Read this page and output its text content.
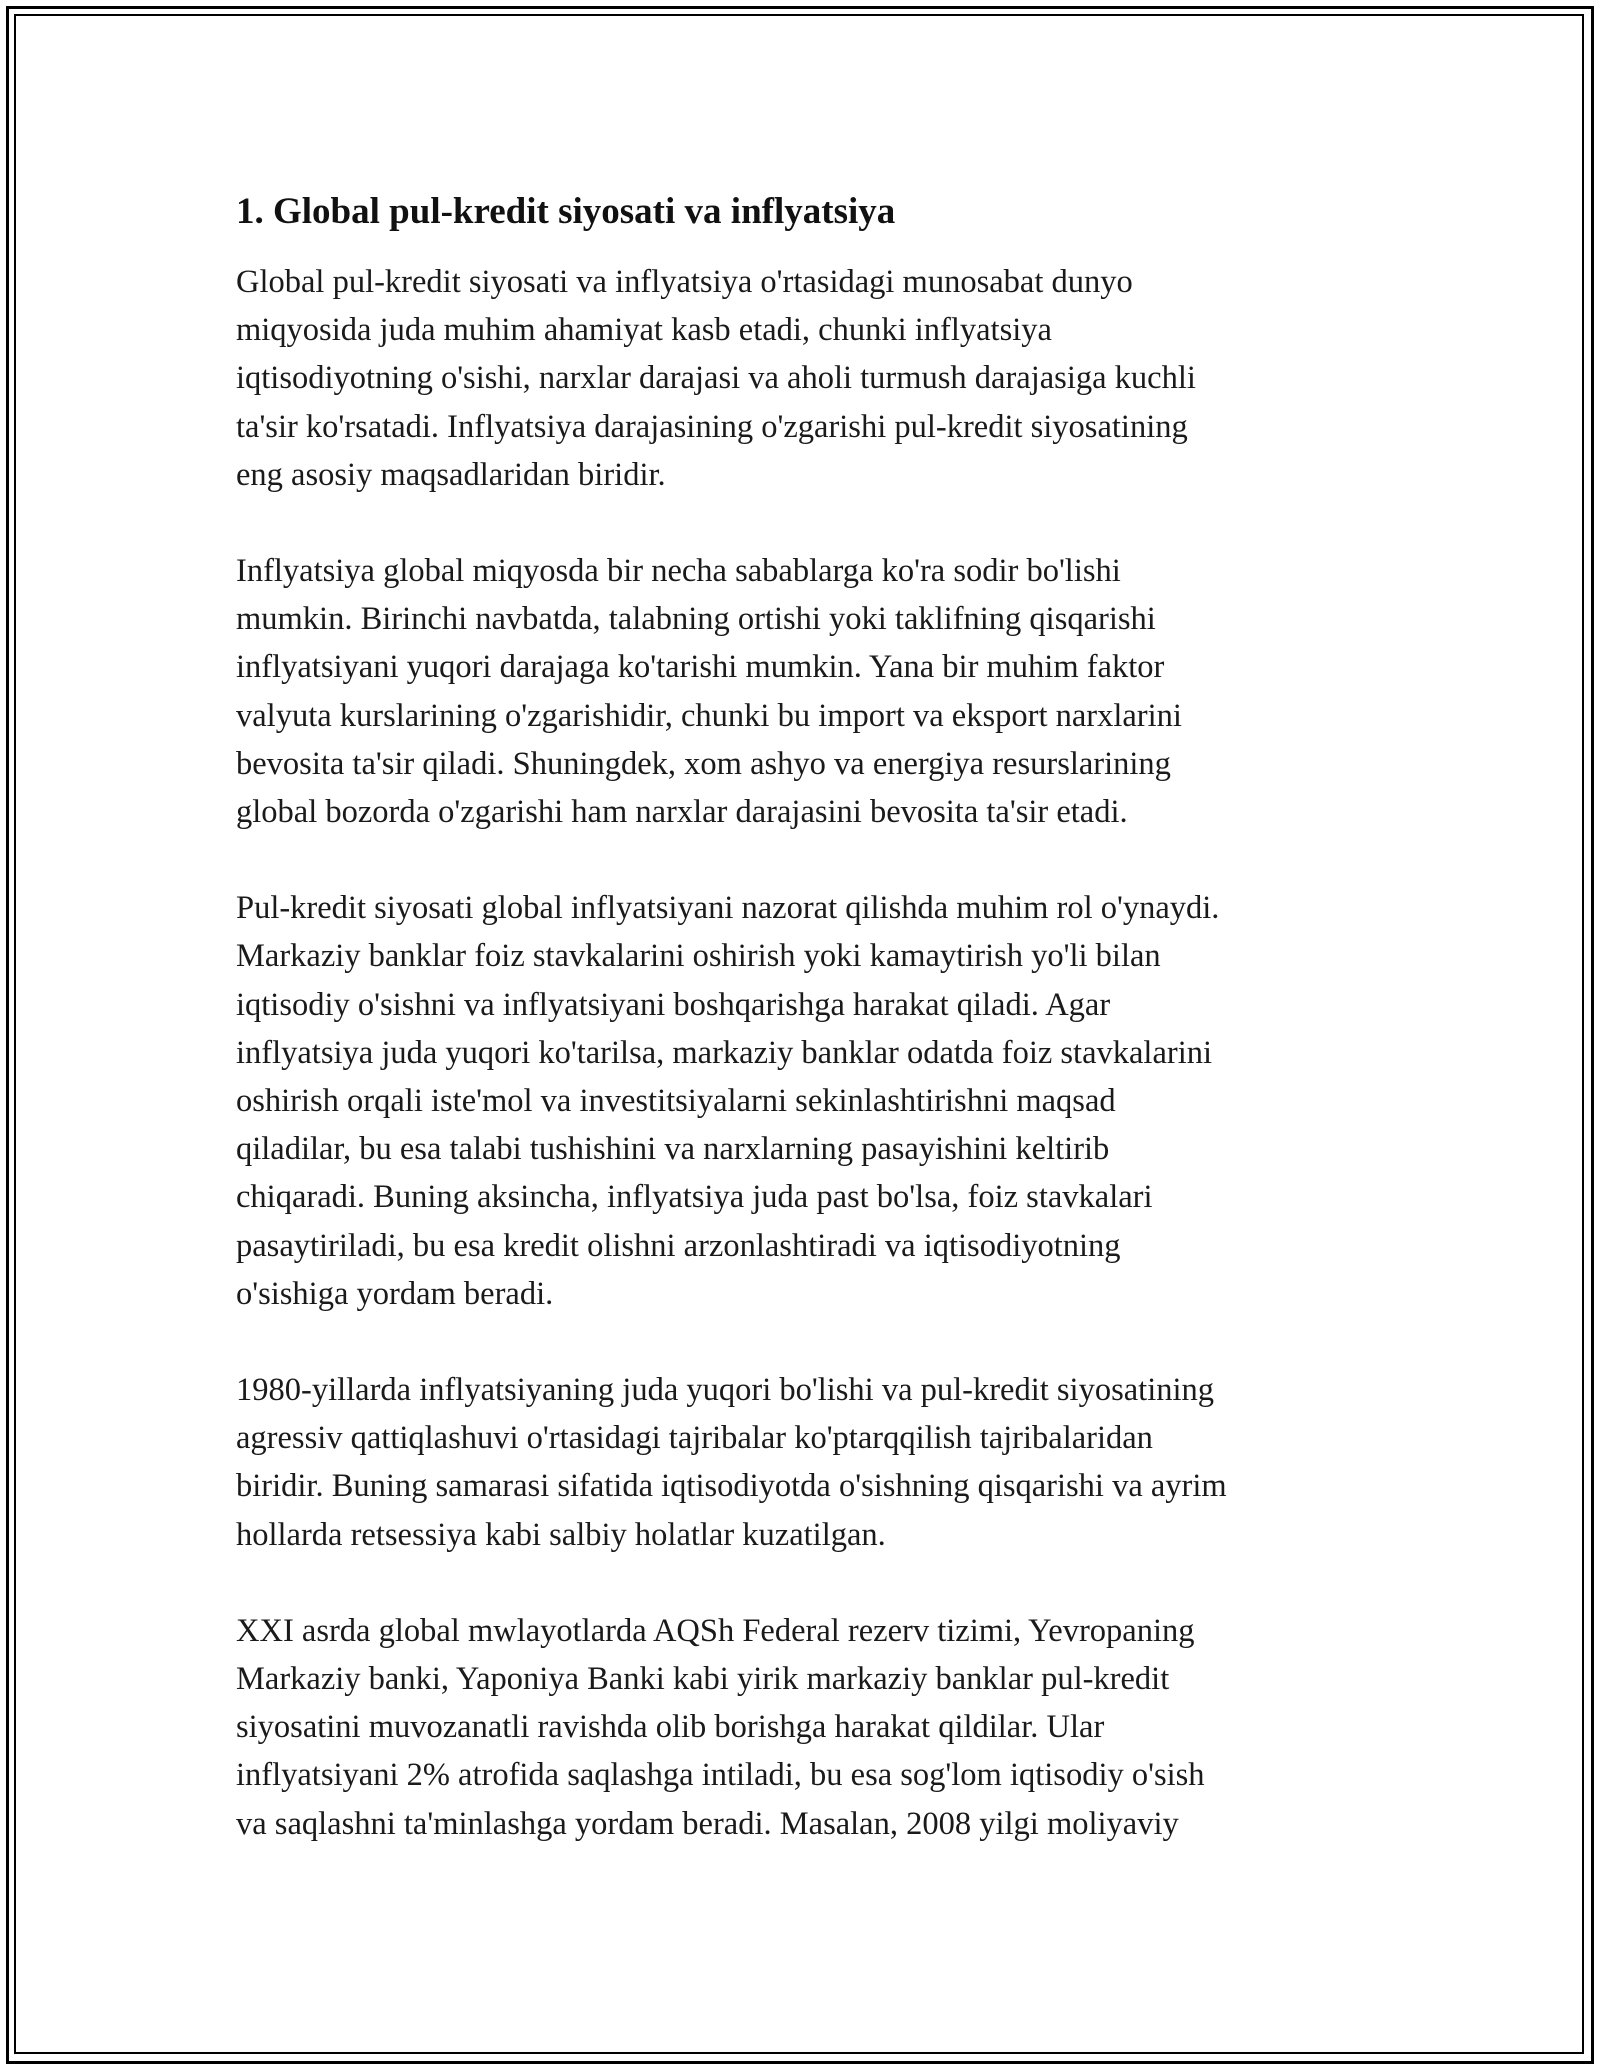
1. Global pul-kredit siyosati va inflyatsiya
Global pul-kredit siyosati va inflyatsiya o'rtasidagi munosabat dunyo
miqyosida juda muhim ahamiyat kasb etadi, chunki inflyatsiya
iqtisodiyotning o'sishi, narxlar darajasi va aholi turmush darajasiga kuchli
ta'sir ko'rsatadi. Inflyatsiya darajasining o'zgarishi pul-kredit siyosatining
eng asosiy maqsadlaridan biridir.
Inflyatsiya global miqyosda bir necha sabablarga ko'ra sodir bo'lishi
mumkin. Birinchi navbatda, talabning ortishi yoki taklifning qisqarishi
inflyatsiyani yuqori darajaga ko'tarishi mumkin. Yana bir muhim faktor
valyuta kurslarining o'zgarishidir, chunki bu import va eksport narxlarini
bevosita ta'sir qiladi. Shuningdek, xom ashyo va energiya resurslarining
global bozorda o'zgarishi ham narxlar darajasini bevosita ta'sir etadi.
Pul-kredit siyosati global inflyatsiyani nazorat qilishda muhim rol o'ynaydi.
Markaziy banklar foiz stavkalarini oshirish yoki kamaytirish yo'li bilan
iqtisodiy o'sishni va inflyatsiyani boshqarishga harakat qiladi. Agar
inflyatsiya juda yuqori ko'tarilsa, markaziy banklar odatda foiz stavkalarini
oshirish orqali iste'mol va investitsiyalarni sekinlashtirishni maqsad
qiladilar, bu esa talabi tushishini va narxlarning pasayishini keltirib
chiqaradi. Buning aksincha, inflyatsiya juda past bo'lsa, foiz stavkalari
pasaytiriladi, bu esa kredit olishni arzonlashtiradi va iqtisodiyotning
o'sishiga yordam beradi.
1980-yillarda inflyatsiyaning juda yuqori bo'lishi va pul-kredit siyosatining
agressiv qattiqlashuvi o'rtasidagi tajribalar ko'ptarqqilish tajribalaridan
biridir. Buning samarasi sifatida iqtisodiyotda o'sishning qisqarishi va ayrim
hollarda retsessiya kabi salbiy holatlar kuzatilgan.
XXI asrda global mwlayotlarda AQSh Federal rezerv tizimi, Yevropaning
Markaziy banki, Yaponiya Banki kabi yirik markaziy banklar pul-kredit
siyosatini muvozanatli ravishda olib borishga harakat qildilar. Ular
inflyatsiyani 2% atrofida saqlashga intiladi, bu esa sog'lom iqtisodiy o'sish
va saqlashni ta'minlashga yordam beradi. Masalan, 2008 yilgi moliyaviy
